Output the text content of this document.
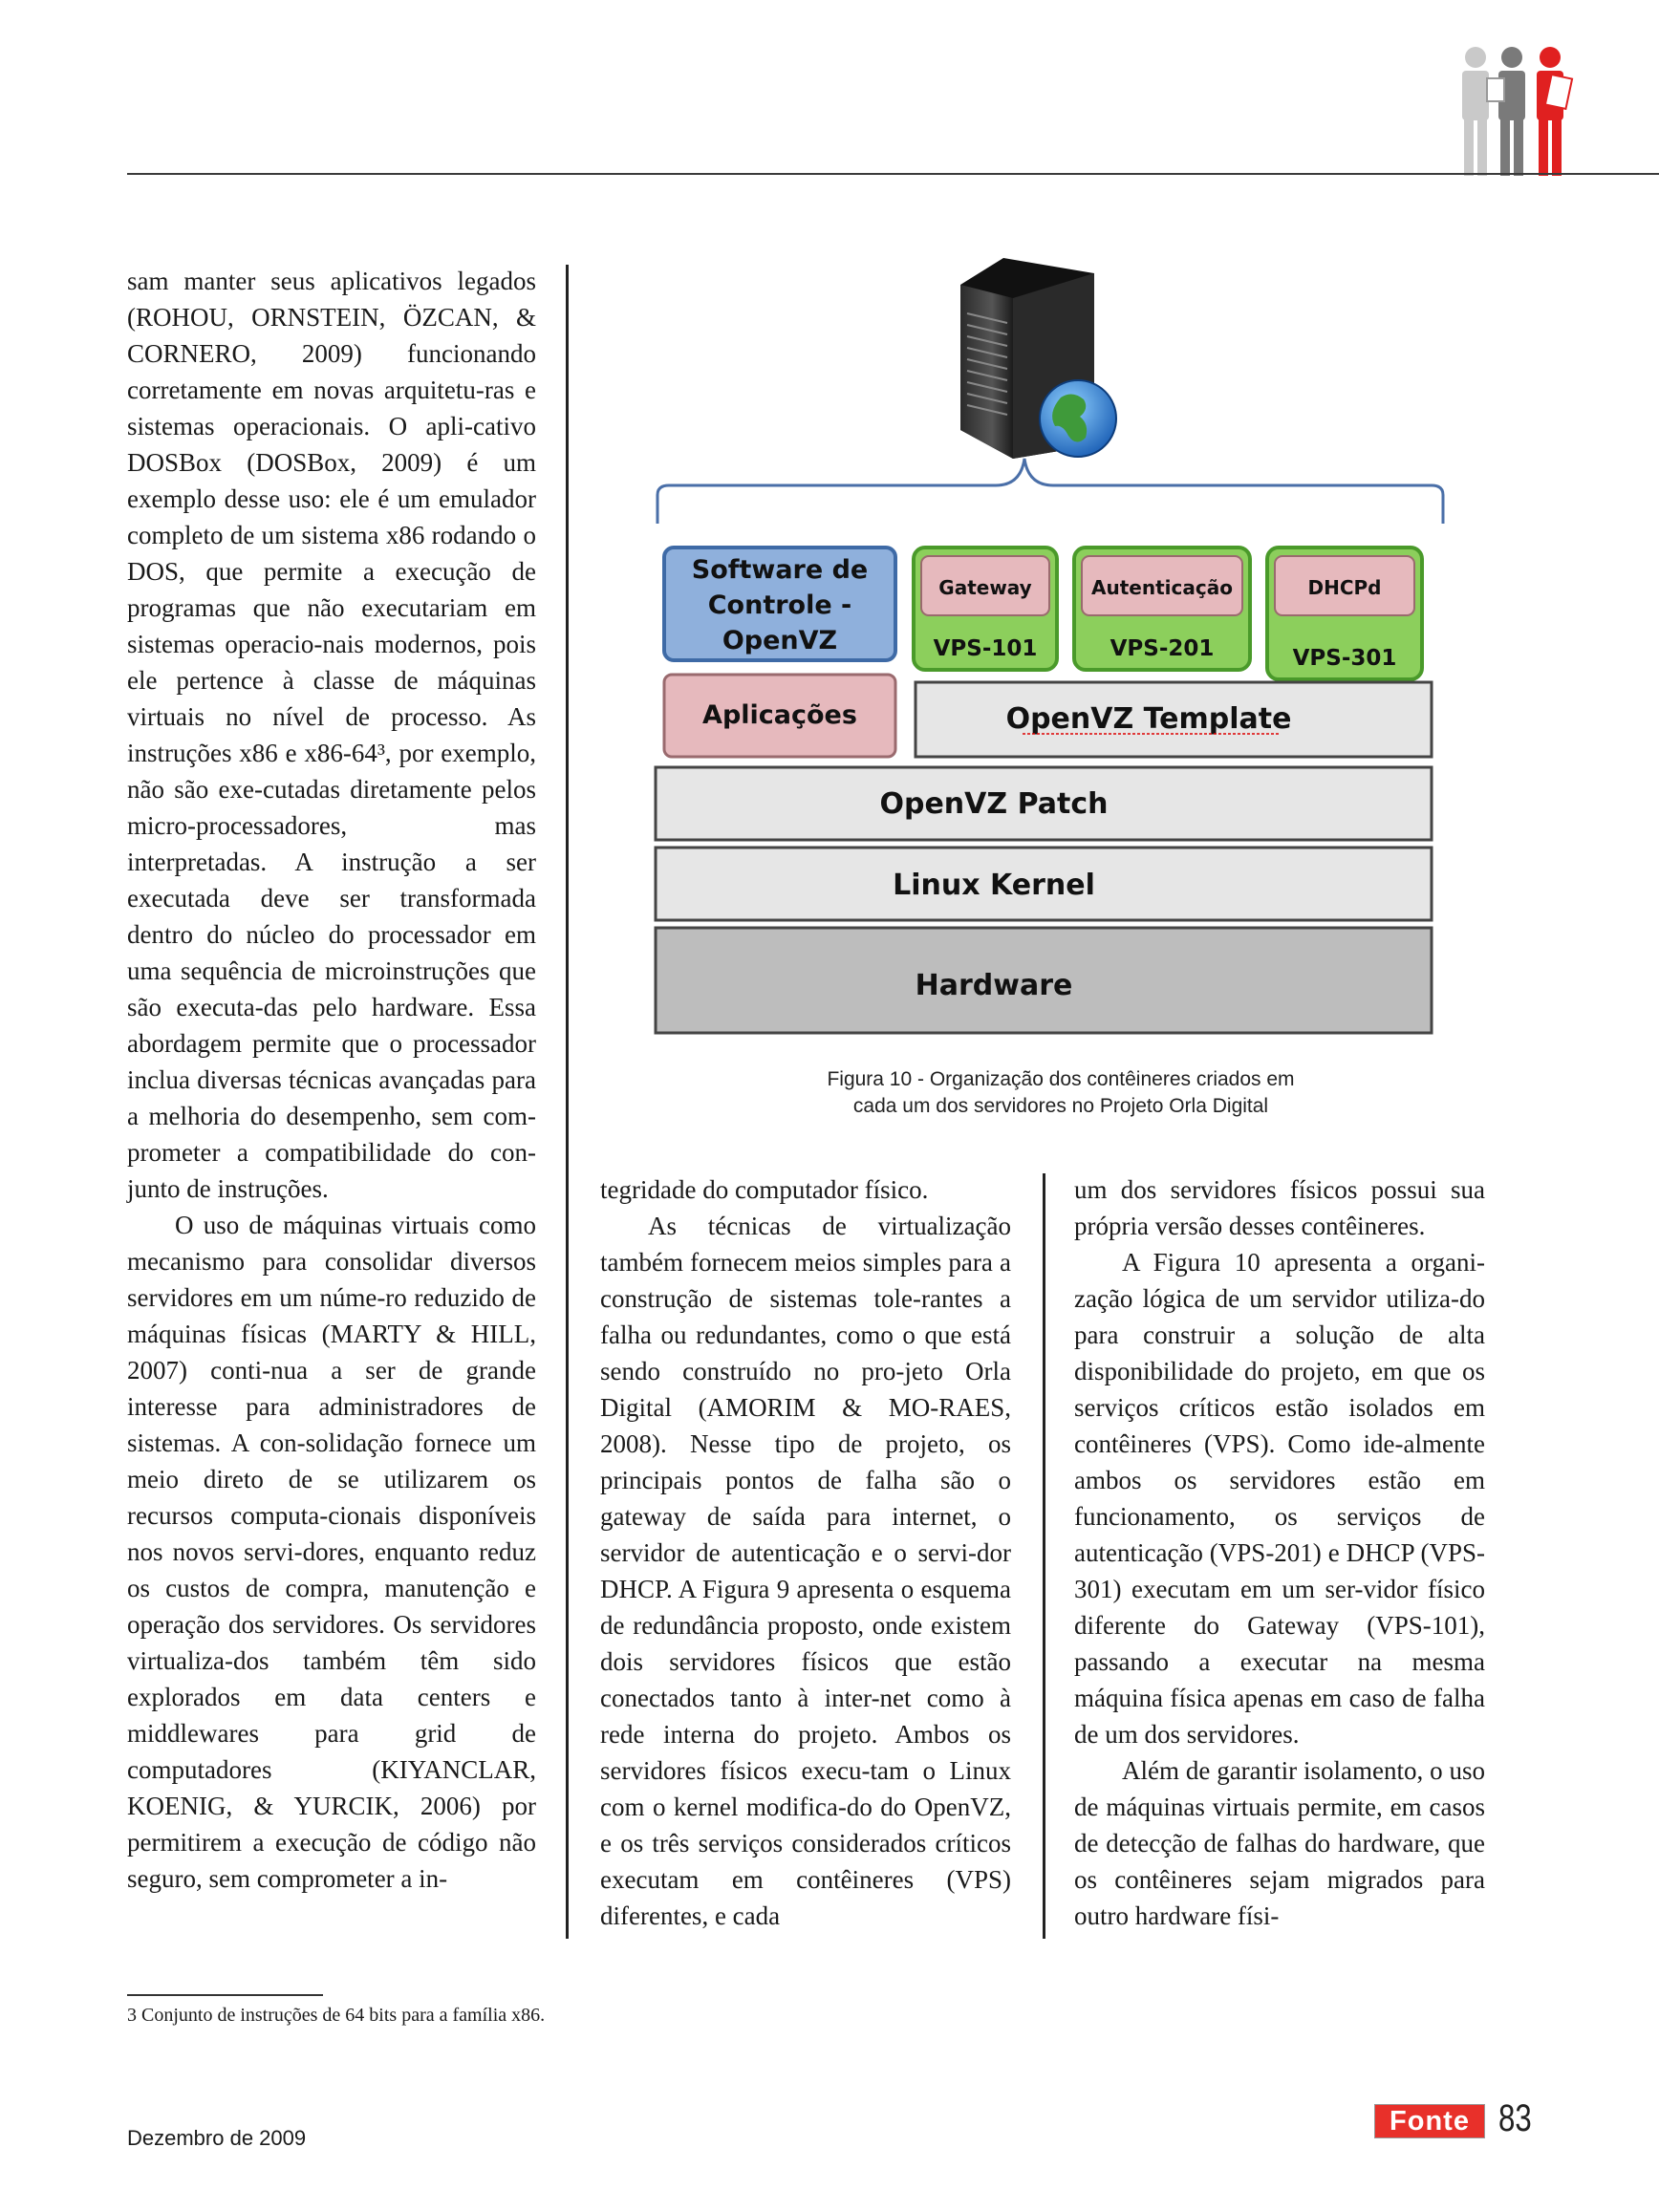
sam manter seus aplicativos legados (ROHOU, ORNSTEIN, ÖZCAN, & CORNERO, 2009) funcionando corretamente em novas arquitetu-ras e sistemas operacionais. O apli-cativo DOSBox (DOSBox, 2009) é um exemplo desse uso: ele é um emulador completo de um sistema x86 rodando o DOS, que permite a execução de programas que não executariam em sistemas operacio-nais modernos, pois ele pertence à classe de máquinas virtuais no nível de processo. As instruções x86 e x86-64³, por exemplo, não são exe-cutadas diretamente pelos micro-processadores, mas interpretadas. A instrução a ser executada deve ser transformada dentro do núcleo do processador em uma sequência de microinstruções que são executa-das pelo hardware. Essa abordagem permite que o processador inclua diversas técnicas avançadas para a melhoria do desempenho, sem com-prometer a compatibilidade do con-junto de instruções.

O uso de máquinas virtuais como mecanismo para consolidar diversos servidores em um núme-ro reduzido de máquinas físicas (MARTY & HILL, 2007) conti-nua a ser de grande interesse para administradores de sistemas. A con-solidação fornece um meio direto de se utilizarem os recursos computa-cionais disponíveis nos novos servi-dores, enquanto reduz os custos de compra, manutenção e operação dos servidores. Os servidores virtualiza-dos também têm sido explorados em data centers e middlewares para grid de computadores (KIYANCLAR, KOENIG, & YURCIK, 2006) por permitirem a execução de código não seguro, sem comprometer a in-

Software de
Controle -
OpenVZ
Gateway
VPS-101
Autenticação
VPS-201
DHCPd
VPS-301
Aplicações	OpenVZ Template
OpenVZ Patch
Linux Kernel
Hardware
Figura 10 - Organização dos contêineres criados em
cada um dos servidores no Projeto Orla Digital

tegridade do computador físico.

As técnicas de virtualização também fornecem meios simples para a construção de sistemas tole-rantes a falha ou redundantes, como o que está sendo construído no pro-jeto Orla Digital (AMORIM & MO-RAES, 2008). Nesse tipo de projeto, os principais pontos de falha são o gateway de saída para internet, o servidor de autenticação e o servi-dor DHCP. A Figura 9 apresenta o esquema de redundância proposto, onde existem dois servidores físicos que estão conectados tanto à inter-net como à rede interna do projeto. Ambos os servidores físicos execu-tam o Linux com o kernel modifica-do do OpenVZ, e os três serviços considerados críticos executam em contêineres (VPS) diferentes, e cada

um dos servidores físicos possui sua própria versão desses contêineres.

A Figura 10 apresenta a organi-zação lógica de um servidor utiliza-do para construir a solução de alta disponibilidade do projeto, em que os serviços críticos estão isolados em contêineres (VPS). Como ide-almente ambos os servidores estão em funcionamento, os serviços de autenticação (VPS-201) e DHCP (VPS-301) executam em um ser-vidor físico diferente do Gateway (VPS-101), passando a executar na mesma máquina física apenas em caso de falha de um dos servidores.

Além de garantir isolamento, o uso de máquinas virtuais permite, em casos de detecção de falhas do hardware, que os contêineres sejam migrados para outro hardware físi-

3 Conjunto de instruções de 64 bits para a família x86.
Dezembro de 2009
Fonte 83
